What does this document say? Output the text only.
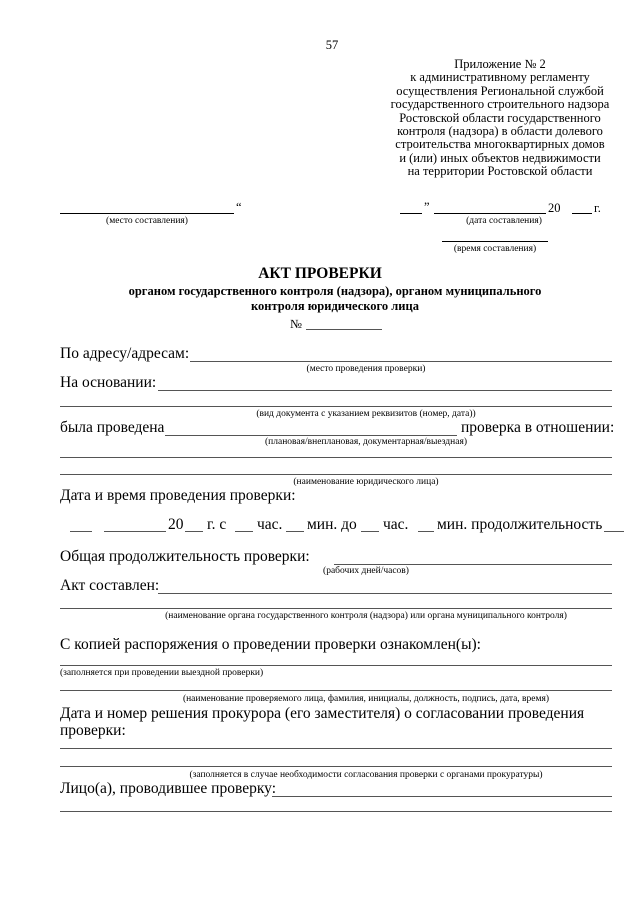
57
Приложение № 2
к административному регламенту
осуществления Региональной службой
государственного строительного надзора
Ростовской области государственного
контроля (надзора) в области долевого
строительства многоквартирных домов
и (или) иных объектов недвижимости
на территории Ростовской области
“
(место составления)
”	20	г.
(дата составления)
(время составления)
АКТ ПРОВЕРКИ
органом государственного контроля (надзора), органом муниципального
контроля юридического лица
№
По адресу/адресам:
(место проведения проверки)
На основании:
(вид документа с указанием реквизитов (номер, дата))
была проведена	проверка в отношении:
(плановая/внеплановая, документарная/выездная)
(наименование юридического лица)
Дата и время проведения проверки:
20 г. с час. мин. до час. мин. продолжительность
Общая продолжительность проверки:
(рабочих дней/часов)
Акт составлен:
(наименование органа государственного контроля (надзора) или органа муниципального контроля)
С копией распоряжения о проведении проверки ознакомлен(ы):
(заполняется при проведении выездной проверки)
(наименование проверяемого лица, фамилия, инициалы, должность, подпись, дата, время)
Дата и номер решения прокурора (его заместителя) о согласовании проведения
проверки:
(заполняется в случае необходимости согласования проверки с органами прокуратуры)
Лицо(а), проводившее проверку:
